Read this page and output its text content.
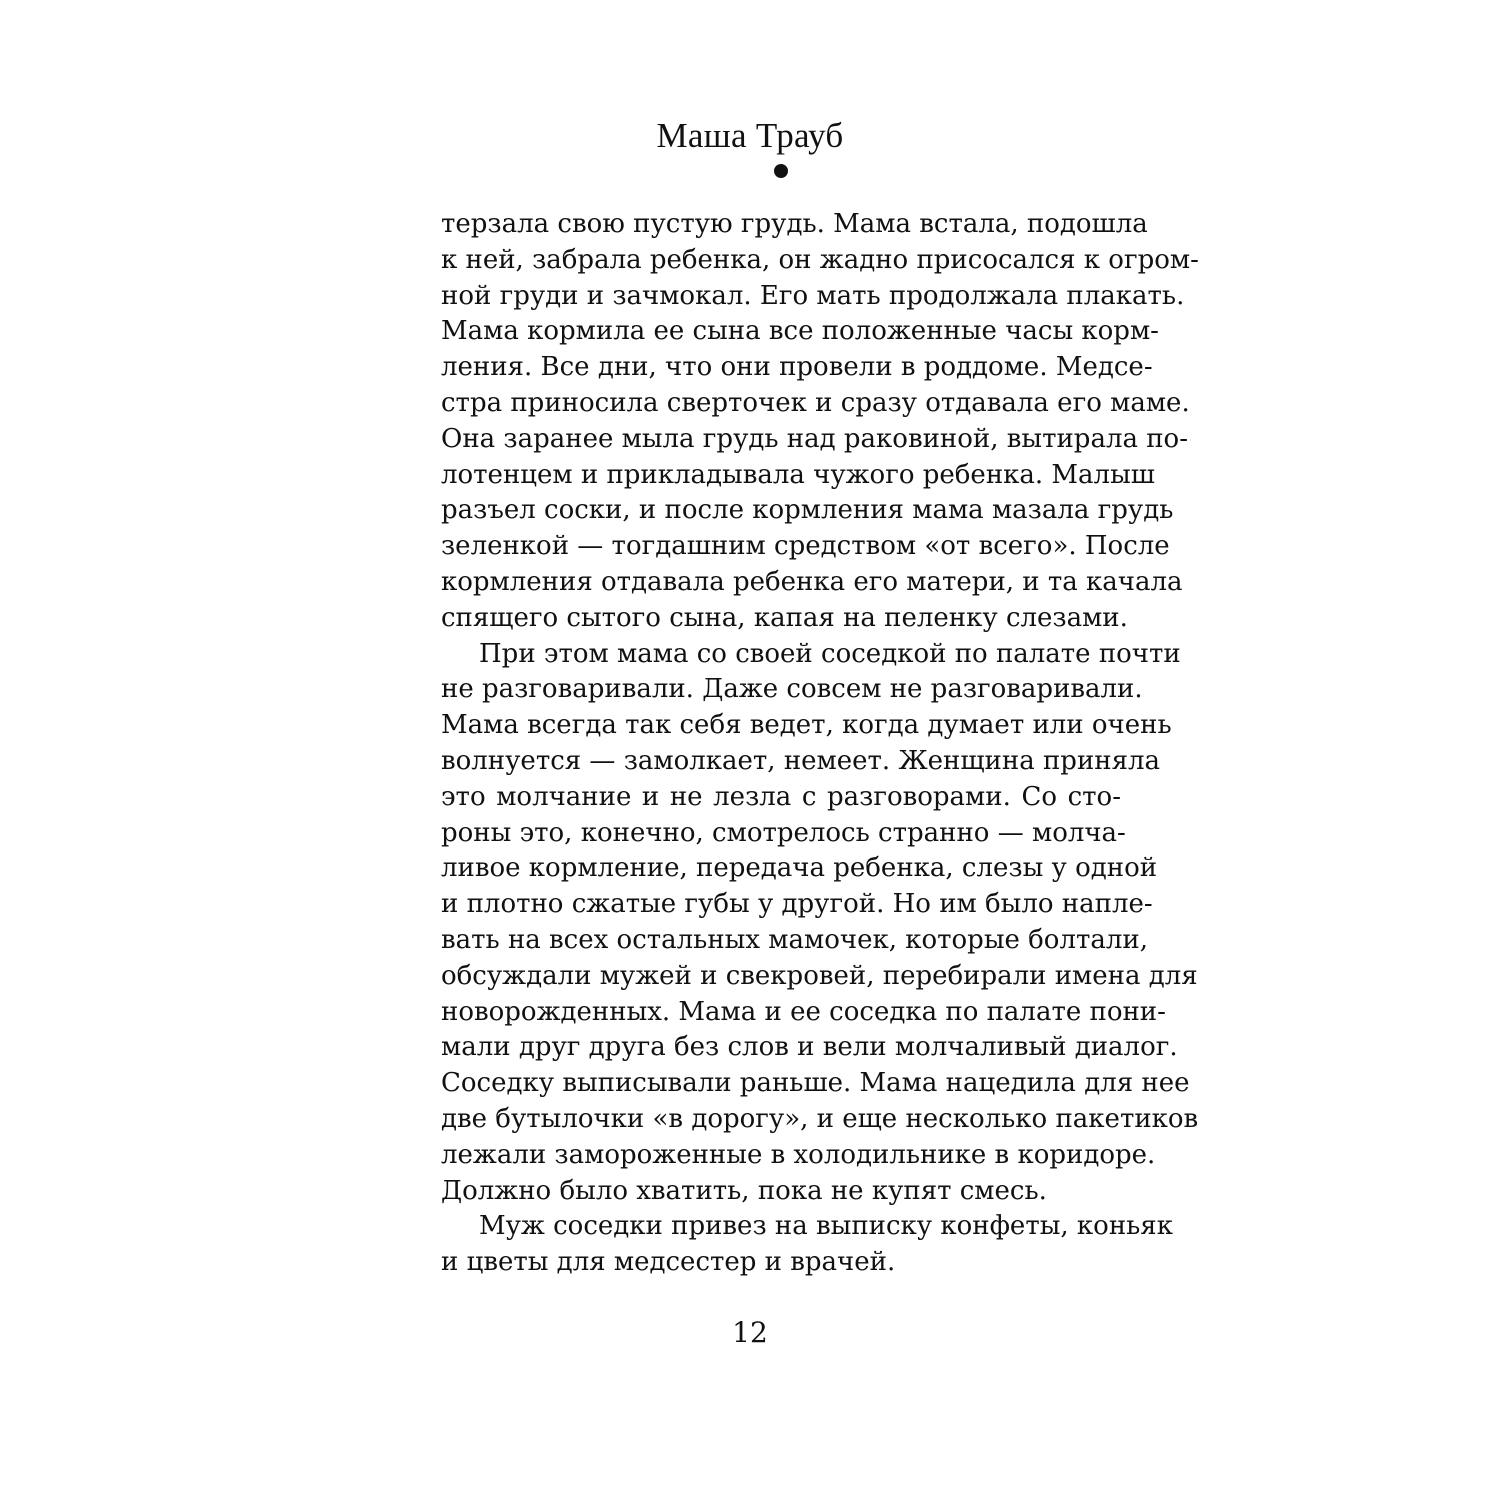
Маша Трауб
терзала свою пустую грудь. Мама встала, подошла
к ней, забрала ребенка, он жадно присосался к огром-
ной груди и зачмокал. Его мать продолжала плакать.
Мама кормила ее сына все положенные часы корм-
ления. Все дни, что они провели в роддоме. Медсе-
стра приносила сверточек и сразу отдавала его маме.
Она заранее мыла грудь над раковиной, вытирала по-
лотенцем и прикладывала чужого ребенка. Малыш
разъел соски, и после кормления мама мазала грудь
зеленкой — тогдашним средством «от всего». После
кормления отдавала ребенка его матери, и та качала
спящего сытого сына, капая на пеленку слезами.
При этом мама со своей соседкой по палате почти
не разговаривали. Даже совсем не разговаривали.
Мама всегда так себя ведет, когда думает или очень
волнуется — замолкает, немеет. Женщина приняла
это молчание и не лезла с разговорами. Со сто-
роны это, конечно, смотрелось странно — молча-
ливое кормление, передача ребенка, слезы у одной
и плотно сжатые губы у другой. Но им было напле-
вать на всех остальных мамочек, которые болтали,
обсуждали мужей и свекровей, перебирали имена для
новорожденных. Мама и ее соседка по палате пони-
мали друг друга без слов и вели молчаливый диалог.
Соседку выписывали раньше. Мама нацедила для нее
две бутылочки «в дорогу», и еще несколько пакетиков
лежали замороженные в холодильнике в коридоре.
Должно было хватить, пока не купят смесь.
Муж соседки привез на выписку конфеты, коньяк
и цветы для медсестер и врачей.
12
